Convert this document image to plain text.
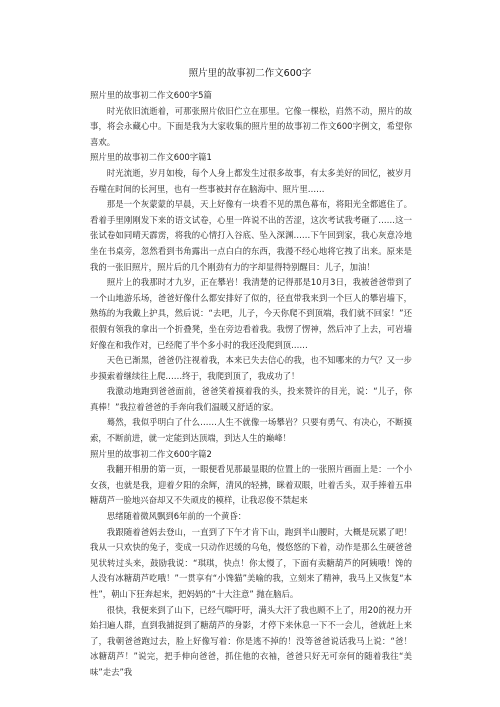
照片里的故事初二作文600字

照片里的故事初二作文600字5篇

时光依旧流逝着，可那张照片依旧伫立在那里。它像一棵松，岿然不动，照片的故事，将会永藏心中。下面是我为大家收集的照片里的故事初二作文600字例文，希望你喜欢。

照片里的故事初二作文600字篇1

时光流逝，岁月如梭，每个人身上都发生过很多故事，有太多美好的回忆，被岁月吞噬在时间的长河里，也有一些事被封存在脑海中、照片里……

那是一个灰蒙蒙的早晨，天上好像有一块看不见的黑色幕布，将阳光全都遮住了。看着手里刚刚发下来的语文试卷，心里一阵说不出的苦涩，这次考试我考砸了……这一张试卷如同晴天霹雳，将我的心情打入谷底、坠入深渊……下午回到家，我心灰意冷地坐在书桌旁，忽然看到书角露出一点白白的东西，我漫不经心地将它拽了出来。原来是我的一张旧照片，照片后的几个刚劲有力的字却显得特别醒目：儿子，加油！

照片上的我那时才九岁，正在攀岩！我清楚的记得那是10月3日，我被爸爸带到了一个山地游乐场，爸爸好像什么都安排好了似的，径直带我来到一个巨人的攀岩墙下，熟练的为我戴上护具，然后说：“去吧，儿子，今天你爬不到顶端，我们就不回家！”还很假有领我的拿出一个折叠凳，坐在旁边看着我。我愣了愣神，然后冲了上去，可岩墙好像在和我作对，已经爬了半个多小时的我还没爬到顶……

天色已渐黑，爸爸仍注视着我，本来已失去信心的我，也不知哪来的力气？又一步步摸索着继续往上爬……终于，我爬到顶了，我成功了！

我激动地跑到爸爸面前，爸爸笑着摸着我的头，投来赞许的目光，说：“儿子，你真棒！”我拉着爸爸的手奔向我们温暖又舒适的家。

蓦然，我似乎明白了什么……人生不就像一场攀岩？只要有勇气、有决心，不断摸索，不断前进，就一定能到达顶端，到达人生的巅峰！

照片里的故事初二作文600字篇2

我翻开相册的第一页，一眼便看见那最显眼的位置上的一张照片画面上是：一个小女孩，也就是我，迎着夕阳的余辉，清风的轻拂，眯着双眼，吐着舌头，双手捧着五串糖葫芦一脸地兴奋却又不失顽皮的模样，让我忍俊不禁起来

思绪随着微风飘到6年前的一个黄昏：

我跟随着爸妈去登山，一直到了下午才肯下山，跑到半山腰时，大概是玩累了吧！我从一只欢快的兔子，变成一只动作迟缓的乌龟，慢悠悠的下着，动作是那么生硬爸爸见状转过头来，鼓励我说：“琪琪，快点！你太慢了，下面有卖糖葫芦的阿姨哦！馋的人没有冰糖葫芦吃哦！”一贯享有“小馋猫”美喻的我，立刻来了精神，我马上又恢复“本性”，朝山下狂奔起来，把妈妈的“十大注意” 抛在脑后。

很快，我便来到了山下，已经气喘吁吁，满头大汗了我也顾不上了，用20的视力开始扫遍人群，直到我捕捉到了糖葫芦的身影，才停下来休息一下不一会儿，爸就赶上来了，我朝爸爸跑过去，脸上好像写着：你是逃不掉的！没等爸爸说话我马上说：“爸！冰糖葫芦！”说完，把手伸向爸爸，抓住他的衣袖，爸爸只好无可奈何的随着我往“美味”走去”我
